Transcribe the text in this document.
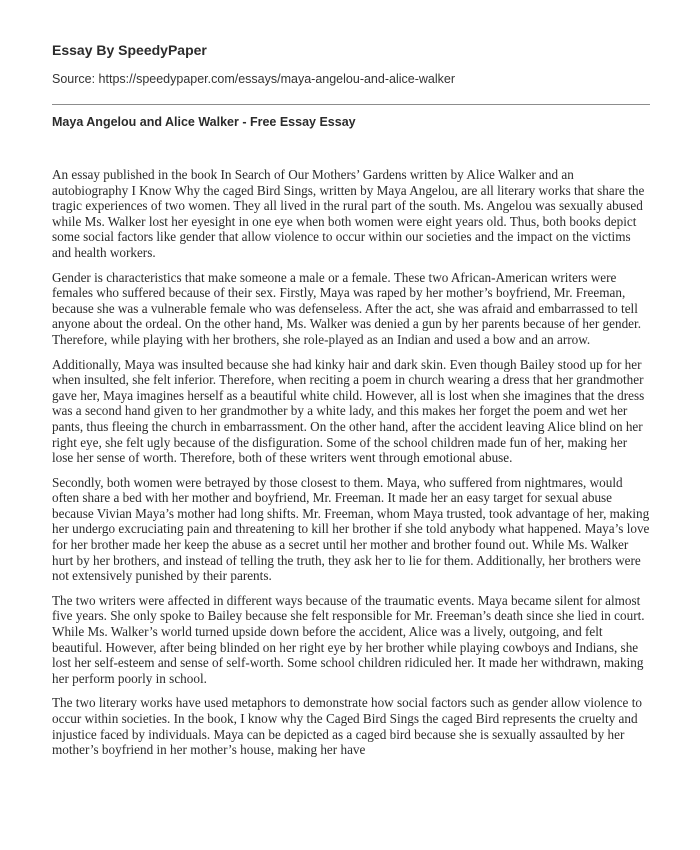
Essay By SpeedyPaper
Source: https://speedypaper.com/essays/maya-angelou-and-alice-walker
Maya Angelou and Alice Walker - Free Essay Essay

An essay published in the book In Search of Our Mothers’ Gardens written by Alice Walker and an autobiography I Know Why the caged Bird Sings, written by Maya Angelou, are all literary works that share the tragic experiences of two women. They all lived in the rural part of the south. Ms. Angelou was sexually abused while Ms. Walker lost her eyesight in one eye when both women were eight years old. Thus, both books depict some social factors like gender that allow violence to occur within our societies and the impact on the victims and health workers.

Gender is characteristics that make someone a male or a female. These two African-American writers were females who suffered because of their sex. Firstly, Maya was raped by her mother’s boyfriend, Mr. Freeman, because she was a vulnerable female who was defenseless. After the act, she was afraid and embarrassed to tell anyone about the ordeal. On the other hand, Ms. Walker was denied a gun by her parents because of her gender. Therefore, while playing with her brothers, she role-played as an Indian and used a bow and an arrow.

Additionally, Maya was insulted because she had kinky hair and dark skin. Even though Bailey stood up for her when insulted, she felt inferior. Therefore, when reciting a poem in church wearing a dress that her grandmother gave her, Maya imagines herself as a beautiful white child. However, all is lost when she imagines that the dress was a second hand given to her grandmother by a white lady, and this makes her forget the poem and wet her pants, thus fleeing the church in embarrassment. On the other hand, after the accident leaving Alice blind on her right eye, she felt ugly because of the disfiguration. Some of the school children made fun of her, making her lose her sense of worth. Therefore, both of these writers went through emotional abuse.

Secondly, both women were betrayed by those closest to them. Maya, who suffered from nightmares, would often share a bed with her mother and boyfriend, Mr. Freeman. It made her an easy target for sexual abuse because Vivian Maya’s mother had long shifts. Mr. Freeman, whom Maya trusted, took advantage of her, making her undergo excruciating pain and threatening to kill her brother if she told anybody what happened. Maya’s love for her brother made her keep the abuse as a secret until her mother and brother found out. While Ms. Walker hurt by her brothers, and instead of telling the truth, they ask her to lie for them. Additionally, her brothers were not extensively punished by their parents.

The two writers were affected in different ways because of the traumatic events. Maya became silent for almost five years. She only spoke to Bailey because she felt responsible for Mr. Freeman’s death since she lied in court. While Ms. Walker’s world turned upside down before the accident, Alice was a lively, outgoing, and felt beautiful. However, after being blinded on her right eye by her brother while playing cowboys and Indians, she lost her self-esteem and sense of self-worth. Some school children ridiculed her. It made her withdrawn, making her perform poorly in school.

The two literary works have used metaphors to demonstrate how social factors such as gender allow violence to occur within societies. In the book, I know why the Caged Bird Sings the caged Bird represents the cruelty and injustice faced by individuals. Maya can be depicted as a caged bird because she is sexually assaulted by her mother’s boyfriend in her mother’s house, making her have
